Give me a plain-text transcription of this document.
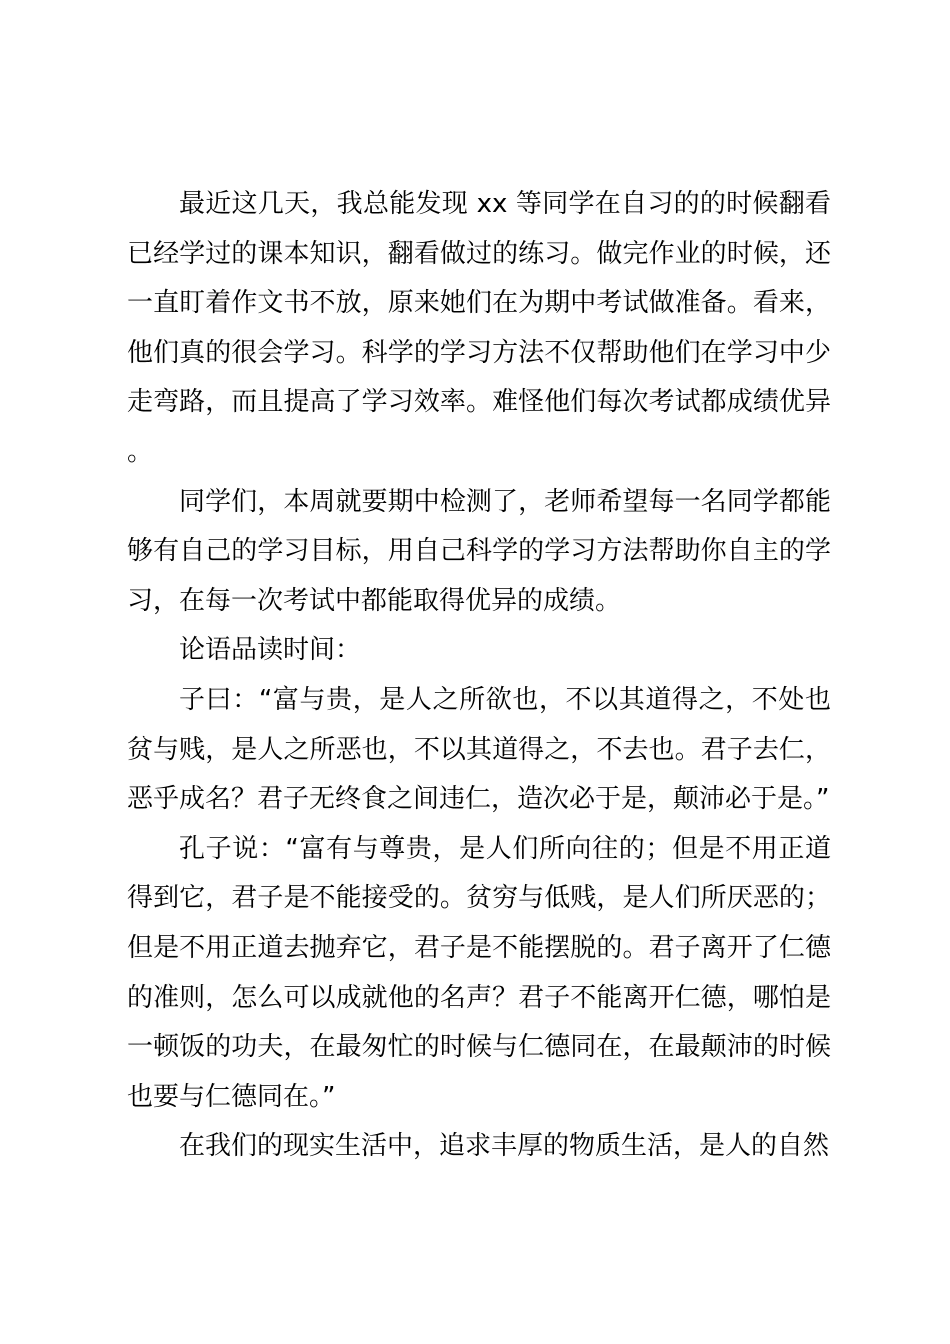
最近这几天，我总能发现 xx 等同学在自习的的时候翻看已经学过的课本知识，翻看做过的练习。做完作业的时候，还一直盯着作文书不放，原来她们在为期中考试做准备。看来，他们真的很会学习。科学的学习方法不仅帮助他们在学习中少走弯路，而且提高了学习效率。难怪他们每次考试都成绩优异。

同学们，本周就要期中检测了，老师希望每一名同学都能够有自己的学习目标，用自己科学的学习方法帮助你自主的学习，在每一次考试中都能取得优异的成绩。

论语品读时间：

子曰：“富与贵，是人之所欲也，不以其道得之，不处也贫与贱，是人之所恶也，不以其道得之，不去也。君子去仁，恶乎成名？君子无终食之间违仁，造次必于是，颠沛必于是。”

孔子说：“富有与尊贵，是人们所向往的；但是不用正道得到它，君子是不能接受的。贫穷与低贱，是人们所厌恶的；但是不用正道去抛弃它，君子是不能摆脱的。君子离开了仁德的准则，怎么可以成就他的名声？君子不能离开仁德，哪怕是一顿饭的功夫，在最匆忙的时候与仁德同在，在最颠沛的时候也要与仁德同在。”

在我们的现实生活中，追求丰厚的物质生活，是人的自然
